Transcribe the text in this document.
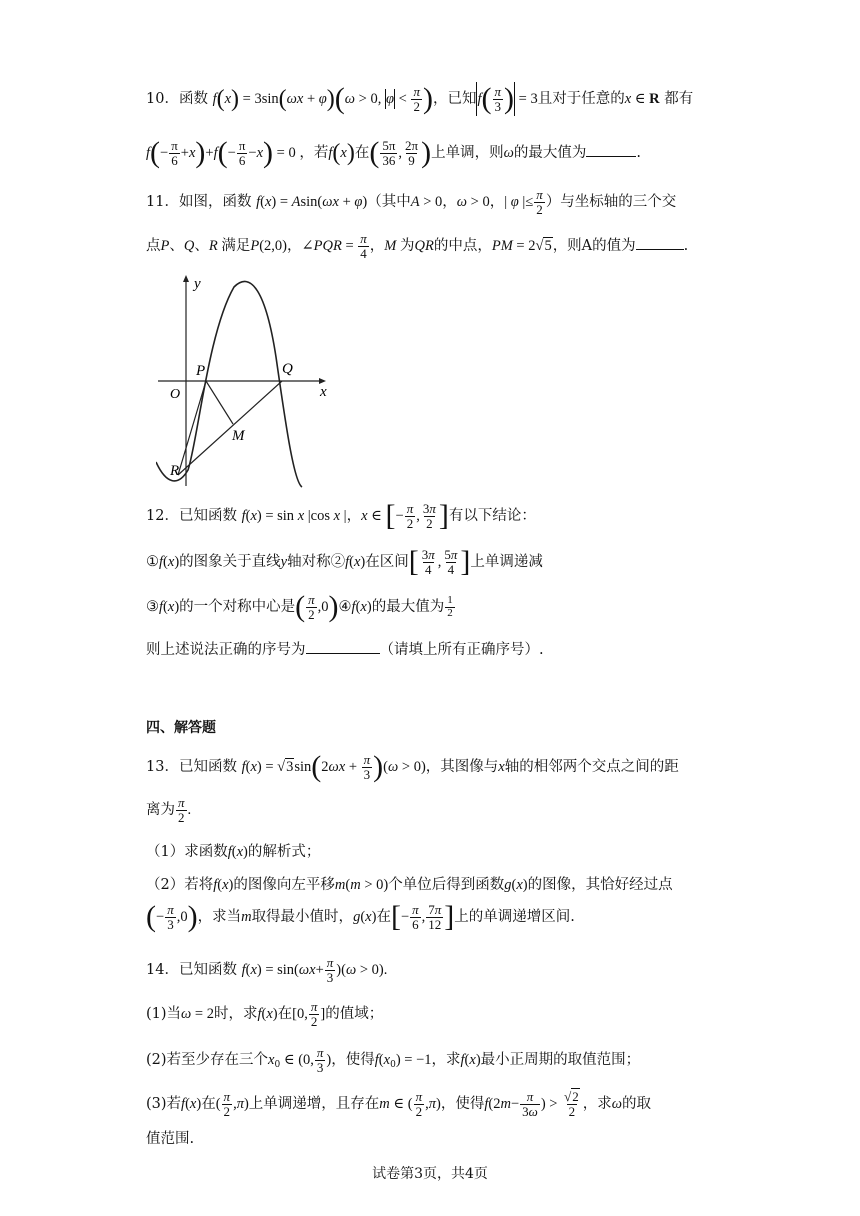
10．函数 f(x) = 3sin(ωx + φ)(ω > 0, $\varphi < \frac{\pi}{2}$ )，已知$f( \frac{\pi}{3}$ ) = 3且对于任意的x ∈ R 都有
$f(- \frac{\pi}{6} +x)+f(- \frac{\pi}{6} -x) = 0$ ，若f(x)在( $\frac{5\pi}{36}$ , $\frac{2\pi}{9}$ )上单调，则ω的最大值为	.
11．如图，函数 f(x) = Asin(ωx + φ)（其中A > 0，ω > 0，| φ |≤ $\frac{\pi}{2}$ ）与坐标轴的三个交
点P、Q、R 满足P(2,0)，∠PQR = $\frac{\pi}{4}$ ，M 为QR的中点，PM = 2√5，则A的值为	.
y
x
O
P	Q
M
R
12．已知函数 f(x) = sin x |cos x |，x ∈ [− $\frac{\pi}{2}$ , $\frac{3\pi}{2}$ ]有以下结论：
①f(x)的图象关于直线y轴对称②f(x)在区间[ $\frac{3\pi}{4}$ , $\frac{5\pi}{4}$ ]上单调递减
③f(x)的一个对称中心是( $\frac{\pi}{2}$ ,0)④f(x)的最大值为 $\frac{1}{2}$
则上述说法正确的序号为	（请填上所有正确序号）.
四、解答题
13．已知函数 $f(x) = √3\sin(2\omega x + \frac{\pi}{3} )(\omega > 0)$，其图像与x轴的相邻两个交点之间的距
离为 $\frac{\pi}{2}$ .
（1）求函数f(x)的解析式；
（2）若将f(x)的图像向左平移m(m > 0)个单位后得到函数g(x)的图像，其恰好经过点
(− $\frac{\pi}{3} ,0$)，求当m取得最小值时，g(x)在[− $\frac{\pi}{6}$ , $\frac{7\pi}{12}$ ]上的单调递增区间.
14．已知函数 $f(x) = \sin(\omega x+ \frac{\pi}{3} )(\omega > 0)$.
(1)当ω = 2时，求f(x)在[0, $\frac{\pi}{2}$ ]的值域；
(2)若至少存在三个$x_0$ ∈ (0, $\frac{\pi}{3}$ )，使得$f(x_0) = -1$，求f(x)最小正周期的取值范围；
(3)若f(x)在( $\frac{\pi}{2} ,\pi$)上单调递增，且存在m ∈ ( $\frac{\pi}{2} ,\pi$)，使得$f(2m- \frac{\pi}{3\omega}$ ) > $\frac{√2}{2}$ ，求ω的取
值范围.
试卷第3页，共4页
